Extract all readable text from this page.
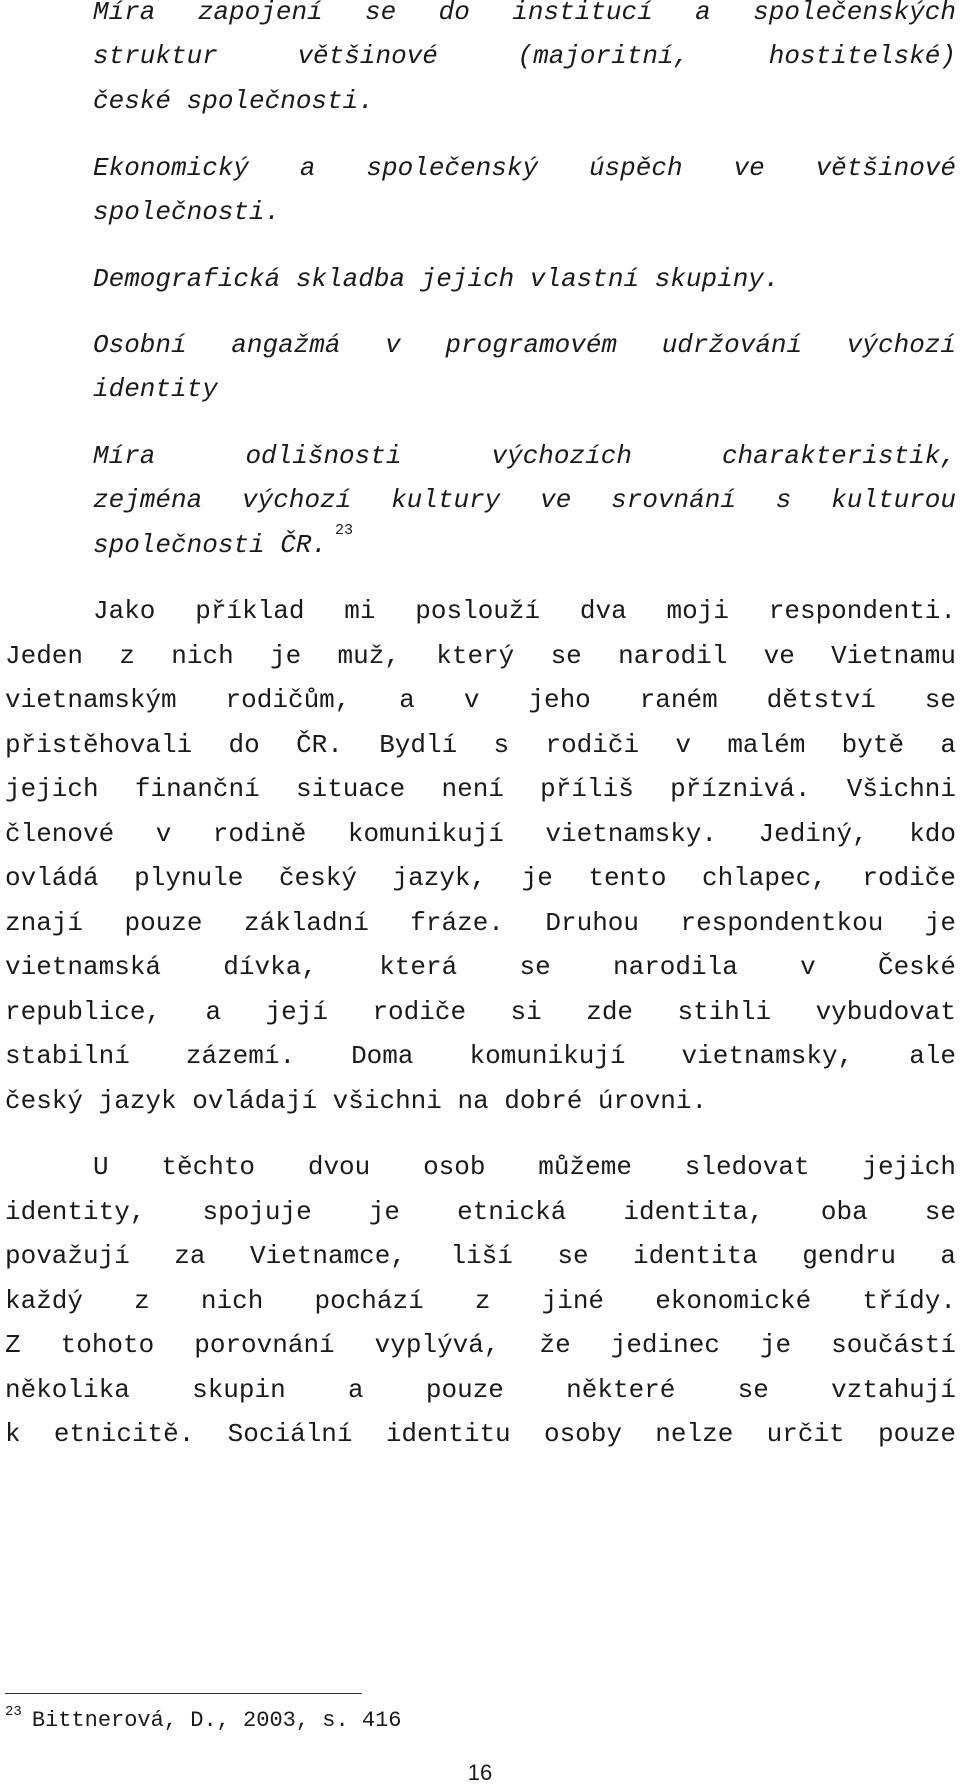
Míra zapojení se do institucí a společenských
struktur většinové (majoritní, hostitelské)
české společnosti.
Ekonomický a společenský úspěch ve většinové
společnosti.
Demografická skladba jejich vlastní skupiny.
Osobní angažmá v programovém udržování výchozí
identity
Míra odlišnosti výchozích charakteristik,
zejména výchozí kultury ve srovnání s kulturou
společnosti ČR. $^{23}$
Jako příklad mi poslouží dva moji respondenti.
Jeden z nich je muž, který se narodil ve Vietnamu
vietnamským rodičům, a v jeho raném dětství se
přistěhovali do ČR. Bydlí s rodiči v malém bytě a
jejich finanční situace není příliš příznivá. Všichni
členové v rodině komunikují vietnamsky. Jediný, kdo
ovládá plynule český jazyk, je tento chlapec, rodiče
znají pouze základní fráze. Druhou respondentkou je
vietnamská dívka, která se narodila v České
republice, a její rodiče si zde stihli vybudovat
stabilní zázemí. Doma komunikují vietnamsky, ale
český jazyk ovládají všichni na dobré úrovni.
U těchto dvou osob můžeme sledovat jejich
identity, spojuje je etnická identita, oba se
považují za Vietnamce, liší se identita gendru a
každý z nich pochází z jiné ekonomické třídy.
Z tohoto porovnání vyplývá, že jedinec je součástí
několika skupin a pouze některé se vztahují
k etnicitě. Sociální identitu osoby nelze určit pouze
$^{23}$ Bittnerová, D., 2003, s. 416
16
